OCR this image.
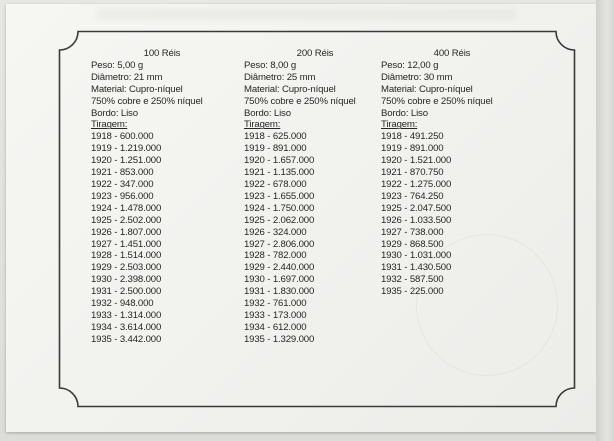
100 Réis
Peso: 5,00 g
Diâmetro: 21 mm
Material: Cupro-níquel
750% cobre e 250% níquel
Bordo: Liso
Tiragem:
1918 - 600.000
1919 - 1.219.000
1920 - 1.251.000
1921 - 853.000
1922 - 347.000
1923 - 956.000
1924 - 1.478.000
1925 - 2.502.000
1926 - 1.807.000
1927 - 1.451.000
1928 - 1.514.000
1929 - 2.503.000
1930 - 2.398.000
1931 - 2.500.000
1932 - 948.000
1933 - 1.314.000
1934 - 3.614.000
1935 - 3.442.000
200 Réis
Peso: 8,00 g
Diâmetro: 25 mm
Material: Cupro-níquel
750% cobre e 250% níquel
Bordo: Liso
Tiragem:
1918 - 625.000
1919 - 891.000
1920 - 1.657.000
1921 - 1.135.000
1922 - 678.000
1923 - 1.655.000
1924 - 1.750.000
1925 - 2.062.000
1926 - 324.000
1927 - 2.806.000
1928 - 782.000
1929 - 2.440.000
1930 - 1.697.000
1931 - 1.830.000
1932 - 761.000
1933 - 173.000
1934 - 612.000
1935 - 1.329.000
400 Réis
Peso: 12,00 g
Diâmetro: 30 mm
Material: Cupro-níquel
750% cobre e 250% níquel
Bordo: Liso
Tiragem:
1918 - 491.250
1919 - 891.000
1920 - 1.521.000
1921 - 870.750
1922 - 1.275.000
1923 - 764.250
1925 - 2.047.500
1926 - 1.033.500
1927 - 738.000
1929 - 868.500
1930 - 1.031.000
1931 - 1.430.500
1932 - 587.500
1935 - 225.000
